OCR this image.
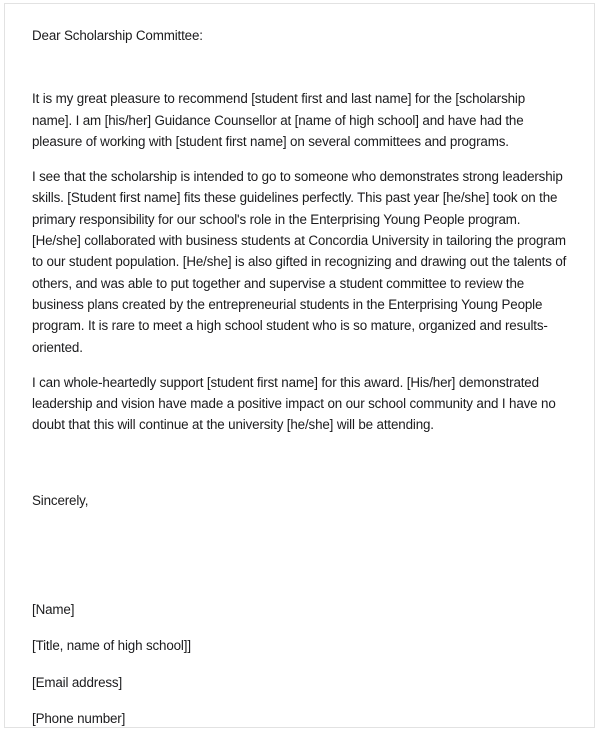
Dear Scholarship Committee:

It is my great pleasure to recommend [student first and last name] for the [scholarship name]. I am [his/her] Guidance Counsellor at [name of high school] and have had the pleasure of working with [student first name] on several committees and programs.

I see that the scholarship is intended to go to someone who demonstrates strong leadership skills. [Student first name] fits these guidelines perfectly. This past year [he/she] took on the primary responsibility for our school's role in the Enterprising Young People program. [He/she] collaborated with business students at Concordia University in tailoring the program to our student population. [He/she] is also gifted in recognizing and drawing out the talents of others, and was able to put together and supervise a student committee to review the business plans created by the entrepreneurial students in the Enterprising Young People program. It is rare to meet a high school student who is so mature, organized and results-oriented.

I can whole-heartedly support [student first name] for this award. [His/her] demonstrated leadership and vision have made a positive impact on our school community and I have no doubt that this will continue at the university [he/she] will be attending.

Sincerely,

[Name]

[Title, name of high school]]

[Email address]

[Phone number]
